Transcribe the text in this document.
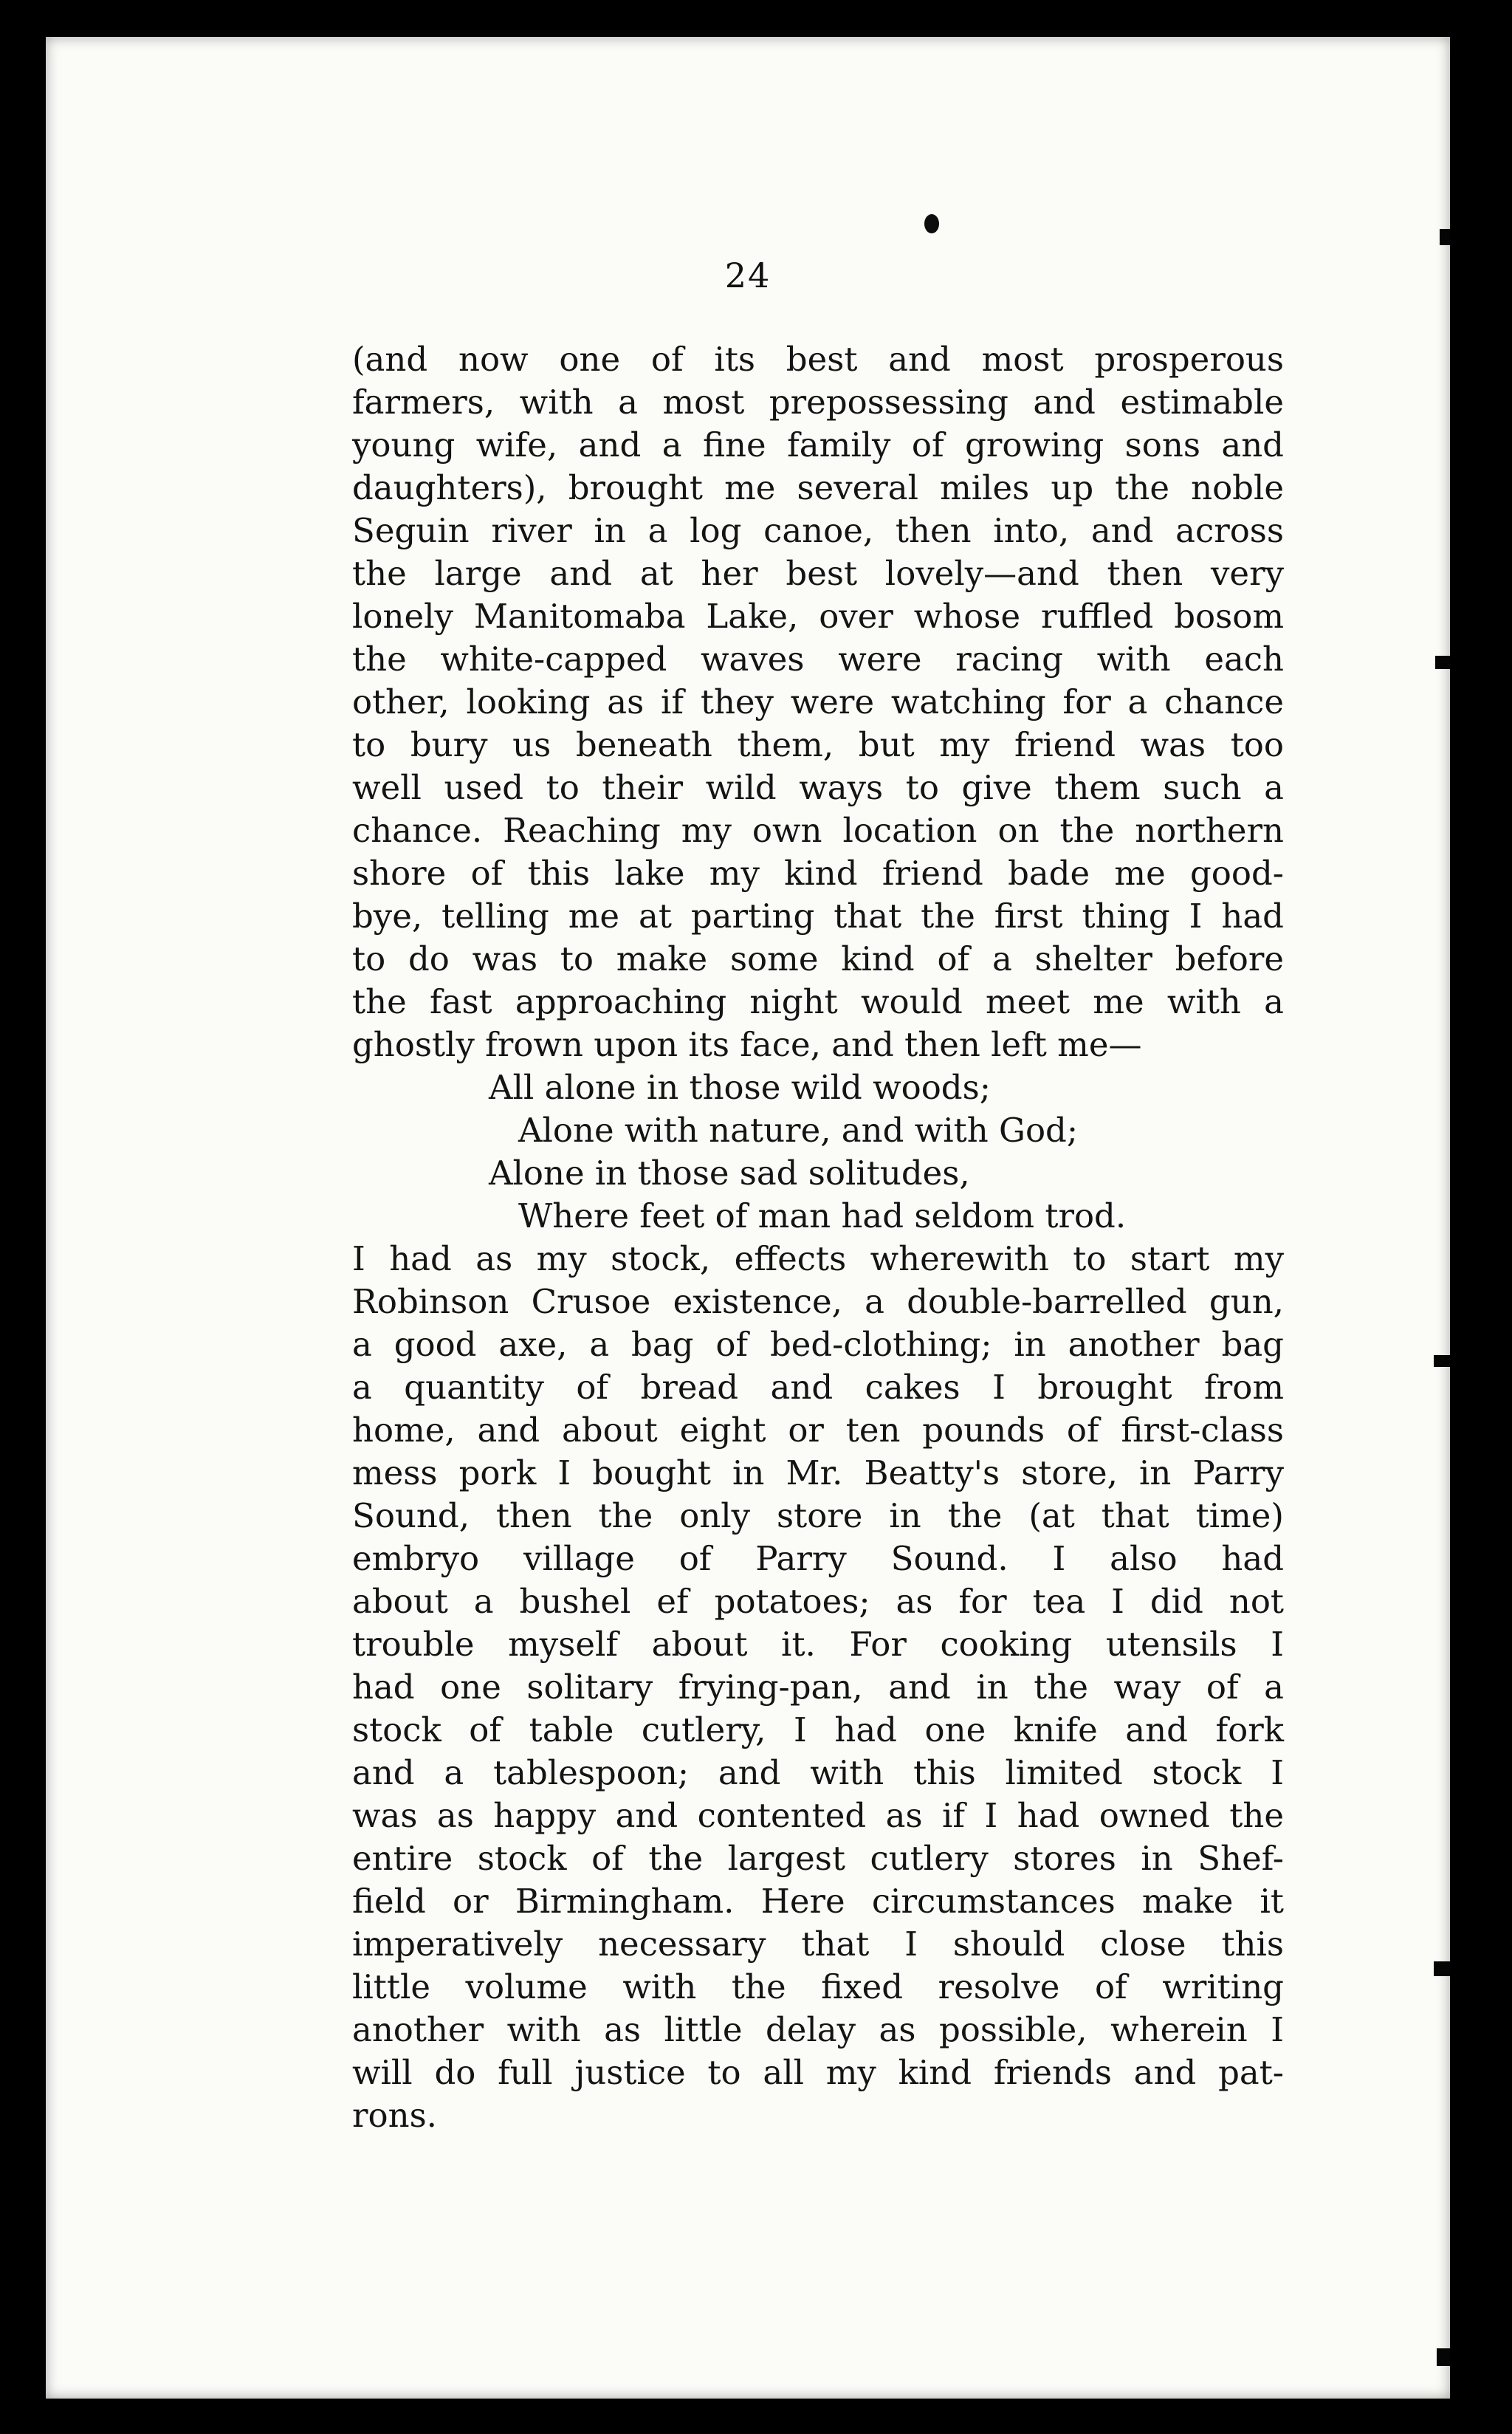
24
(and now one of its best and most prosperous
farmers, with a most prepossessing and estimable
young wife, and a fine family of growing sons and
daughters), brought me several miles up the noble
Seguin river in a log canoe, then into, and across
the large and at her best lovely—and then very
lonely Manitomaba Lake, over whose ruffled bosom
the white-capped waves were racing with each
other, looking as if they were watching for a chance
to bury us beneath them, but my friend was too
well used to their wild ways to give them such a
chance. Reaching my own location on the northern
shore of this lake my kind friend bade me good-
bye, telling me at parting that the first thing I had
to do was to make some kind of a shelter before
the fast approaching night would meet me with a
ghostly frown upon its face, and then left me—
All alone in those wild woods;
Alone with nature, and with God;
Alone in those sad solitudes,
Where feet of man had seldom trod.
I had as my stock, effects wherewith to start my
Robinson Crusoe existence, a double-barrelled gun,
a good axe, a bag of bed-clothing; in another bag
a quantity of bread and cakes I brought from
home, and about eight or ten pounds of first-class
mess pork I bought in Mr. Beatty's store, in Parry
Sound, then the only store in the (at that time)
embryo village of Parry Sound. I also had
about a bushel ef potatoes; as for tea I did not
trouble myself about it. For cooking utensils I
had one solitary frying-pan, and in the way of a
stock of table cutlery, I had one knife and fork
and a tablespoon; and with this limited stock I
was as happy and contented as if I had owned the
entire stock of the largest cutlery stores in Shef-
field or Birmingham. Here circumstances make it
imperatively necessary that I should close this
little volume with the fixed resolve of writing
another with as little delay as possible, wherein I
will do full justice to all my kind friends and pat-
rons.
